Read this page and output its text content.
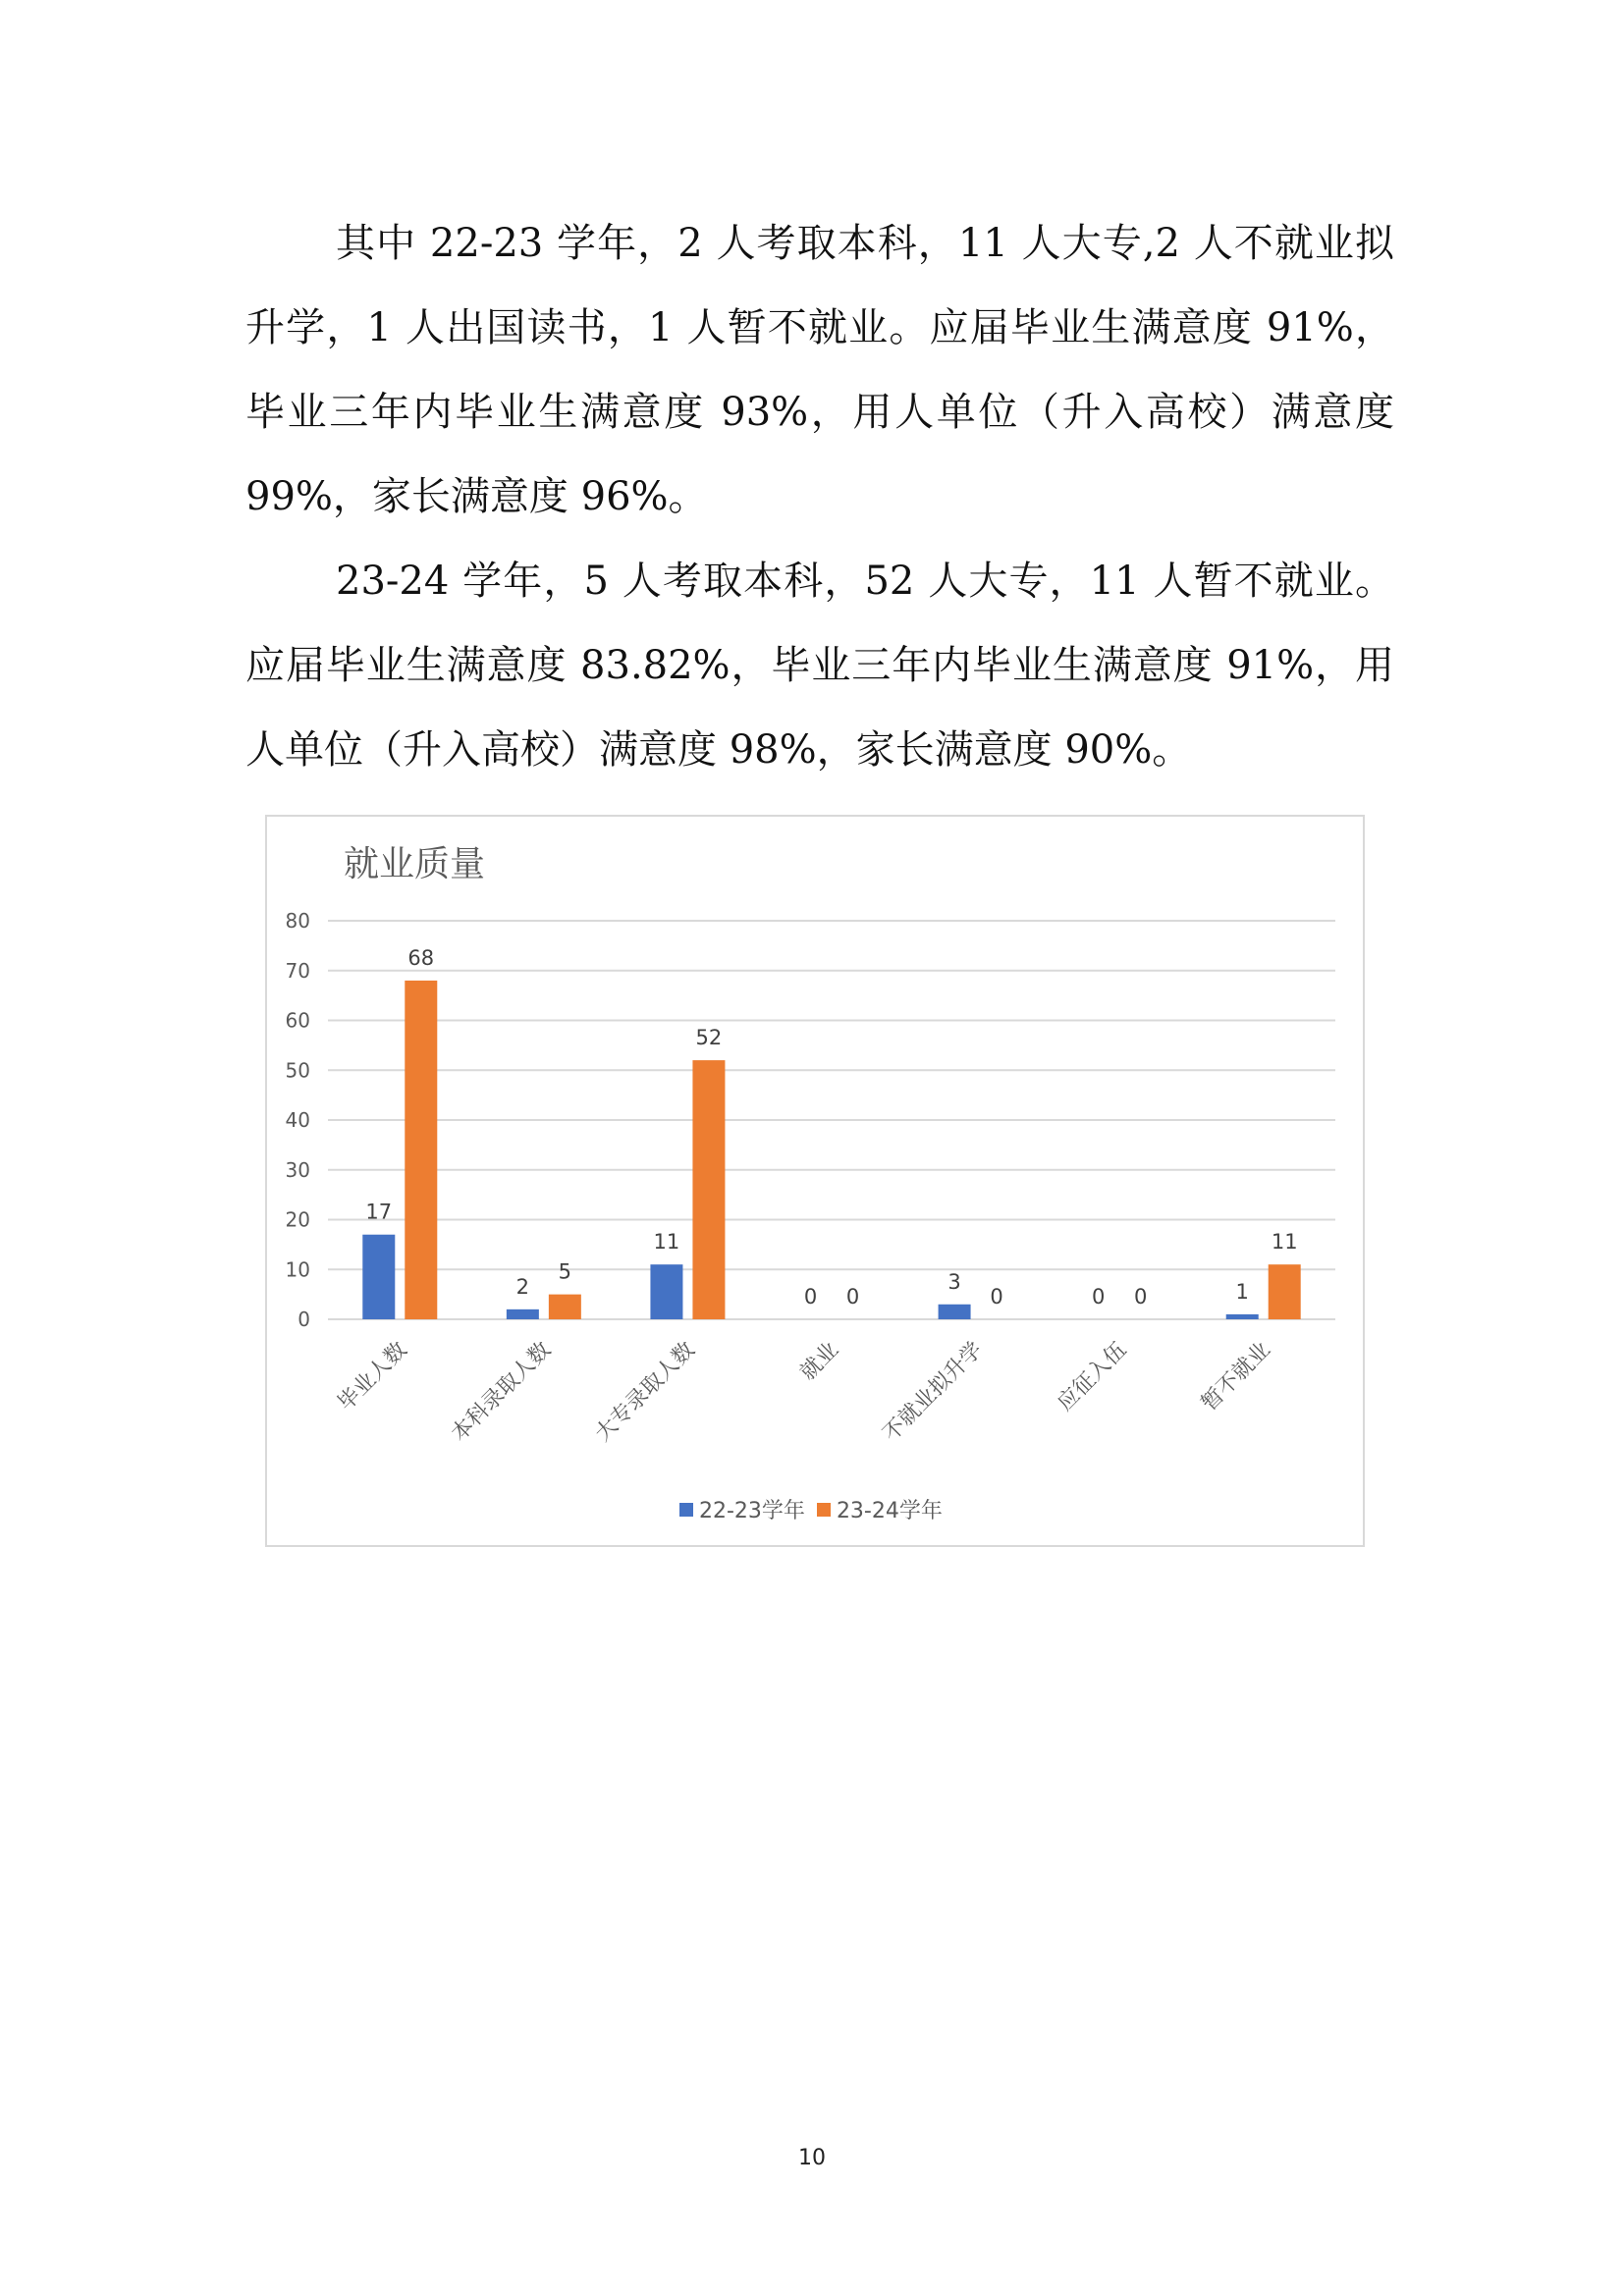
其中 22-23 学年，2 人考取本科，11 人大专,2 人不就业拟升学，1 人出国读书，1 人暂不就业。应届毕业生满意度 91%，毕业三年内毕业生满意度 93%，用人单位（升入高校）满意度 99%，家长满意度 96%。

23-24 学年，5 人考取本科，52 人大专，11 人暂不就业。应届毕业生满意度 83.82%，毕业三年内毕业生满意度 91%，用人单位（升入高校）满意度 98%，家长满意度 90%。

就业质量
0
10
20
30
40
50
60
70
80
17
68
毕业人数
2
5
本科录取人数
11
52
大专录取人数
0 0
就业
3
0
不就业拟升学
0 0
应征入伍
1
11
暂不就业
22-23学年 23-24学年
10
